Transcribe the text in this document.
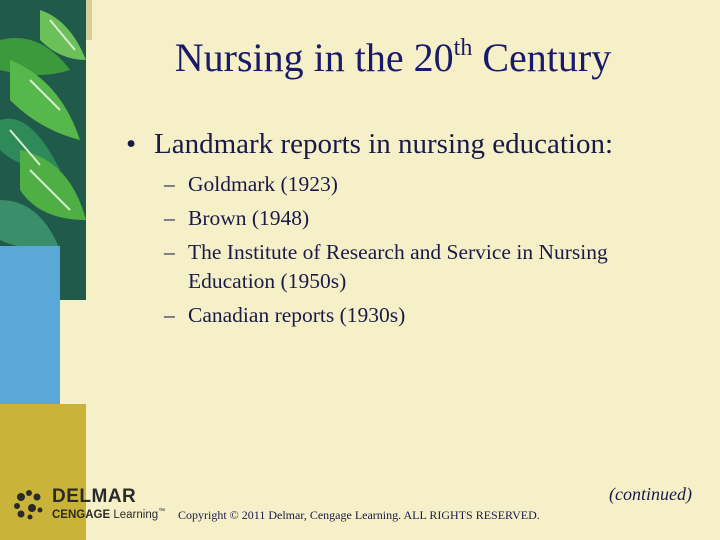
Nursing in the 20th Century
• Landmark reports in nursing education:
– Goldmark (1923)
– Brown (1948)
– The Institute of Research and Service in Nursing Education (1950s)
– Canadian reports (1930s)
(continued)
DELMAR
CENGAGE Learning™ Copyright © 2011 Delmar, Cengage Learning. ALL RIGHTS RESERVED.
